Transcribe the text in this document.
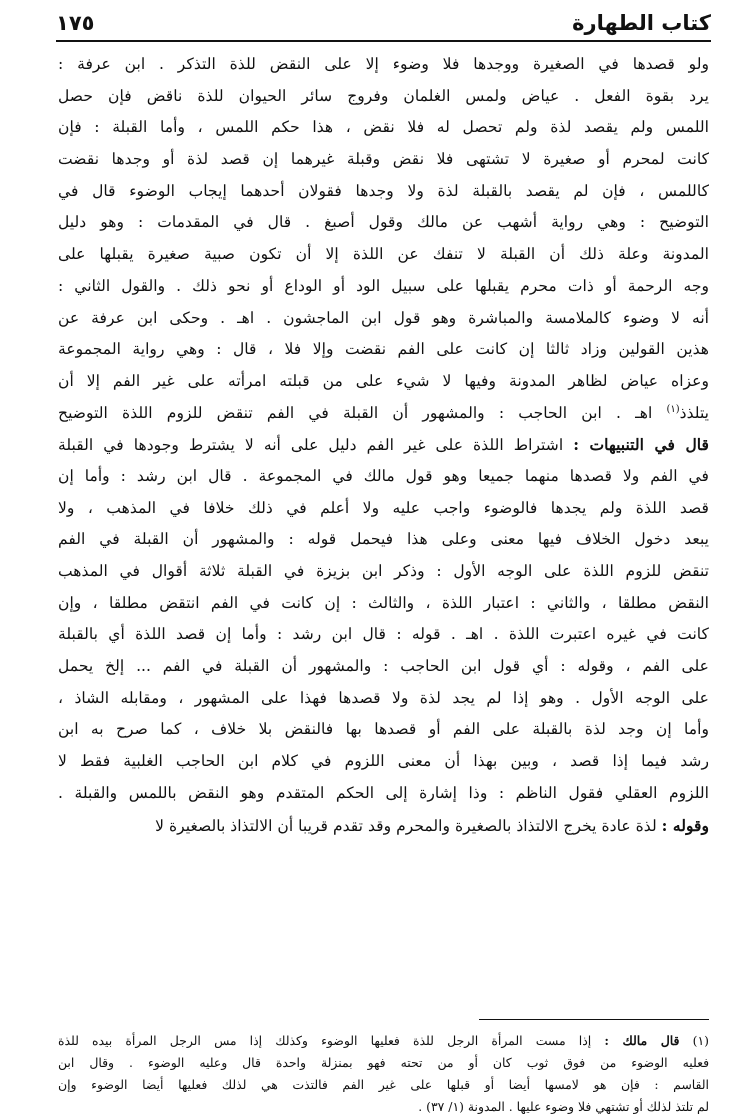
كتاب الطهارة
١٧٥
ولو قصدها في الصغيرة ووجدها فلا وضوء إلا على النقض للذة التذكر . ابن عرفة :
يرد بقوة الفعل . عياض ولمس الغلمان وفروج سائر الحيوان للذة ناقض فإن حصل
اللمس ولم يقصد لذة ولم تحصل له فلا نقض ، هذا حكم اللمس ، وأما القبلة : فإن
كانت لمحرم أو صغيرة لا تشتهى فلا نقض وقبلة غيرهما إن قصد لذة أو وجدها نقضت
كاللمس ، فإن لم يقصد بالقبلة لذة ولا وجدها فقولان أحدهما إيجاب الوضوء قال في
التوضيح : وهي رواية أشهب عن مالك وقول أصبغ . قال في المقدمات : وهو دليل
المدونة وعلة ذلك أن القبلة لا تنفك عن اللذة إلا أن تكون صبية صغيرة يقبلها على
وجه الرحمة أو ذات محرم يقبلها على سبيل الود أو الوداع أو نحو ذلك . والقول الثاني :
أنه لا وضوء كالملامسة والمباشرة وهو قول ابن الماجشون . اهـ . وحكى ابن عرفة عن
هذين القولين وزاد ثالثا إن كانت على الفم نقضت وإلا فلا ، قال : وهي رواية المجموعة
وعزاه عياض لظاهر المدونة وفيها لا شيء على من قبلته امرأته على غير الفم إلا أن
يتلذذ$^{(١)}$ اهـ . ابن الحاجب : والمشهور أن القبلة في الفم تنقض للزوم اللذة التوضيح
قال في التنبيهات : اشتراط اللذة على غير الفم دليل على أنه لا يشترط وجودها في القبلة
في الفم ولا قصدها منهما جميعا وهو قول مالك في المجموعة . قال ابن رشد : وأما إن
قصد اللذة ولم يجدها فالوضوء واجب عليه ولا أعلم في ذلك خلافا في المذهب ، ولا
يبعد دخول الخلاف فيها معنى وعلى هذا فيحمل قوله : والمشهور أن القبلة في الفم
تنقض للزوم اللذة على الوجه الأول : وذكر ابن بزيزة في القبلة ثلاثة أقوال في المذهب
النقض مطلقا ، والثاني : اعتبار اللذة ، والثالث : إن كانت في الفم انتقض مطلقا ، وإن
كانت في غيره اعتبرت اللذة . اهـ . قوله : قال ابن رشد : وأما إن قصد اللذة أي بالقبلة
على الفم ، وقوله : أي قول ابن الحاجب : والمشهور أن القبلة في الفم ... إلخ يحمل
على الوجه الأول . وهو إذا لم يجد لذة ولا قصدها فهذا على المشهور ، ومقابله الشاذ ،
وأما إن وجد لذة بالقبلة على الفم أو قصدها بها فالنقض بلا خلاف ، كما صرح به ابن
رشد فيما إذا قصد ، وبين بهذا أن معنى اللزوم في كلام ابن الحاجب الغلبية فقط لا
اللزوم العقلي فقول الناظم : وذا إشارة إلى الحكم المتقدم وهو النقض باللمس والقبلة .
وقوله : لذة عادة يخرج الالتذاذ بالصغيرة والمحرم وقد تقدم قريبا أن الالتذاذ بالصغيرة لا
(١) قال مالك : إذا مست المرأة الرجل للذة فعليها الوضوء وكذلك إذا مس الرجل المرأة بيده للذة
فعليه الوضوء من فوق ثوب كان أو من تحته فهو بمنزلة واحدة قال وعليه الوضوء . وقال ابن
القاسم : فإن هو لامسها أيضا أو قبلها على غير الفم فالتذت هي لذلك فعليها أيضا الوضوء وإن
لم تلتذ لذلك أو تشتهي فلا وضوء عليها . المدونة (١/ ٣٧) .
